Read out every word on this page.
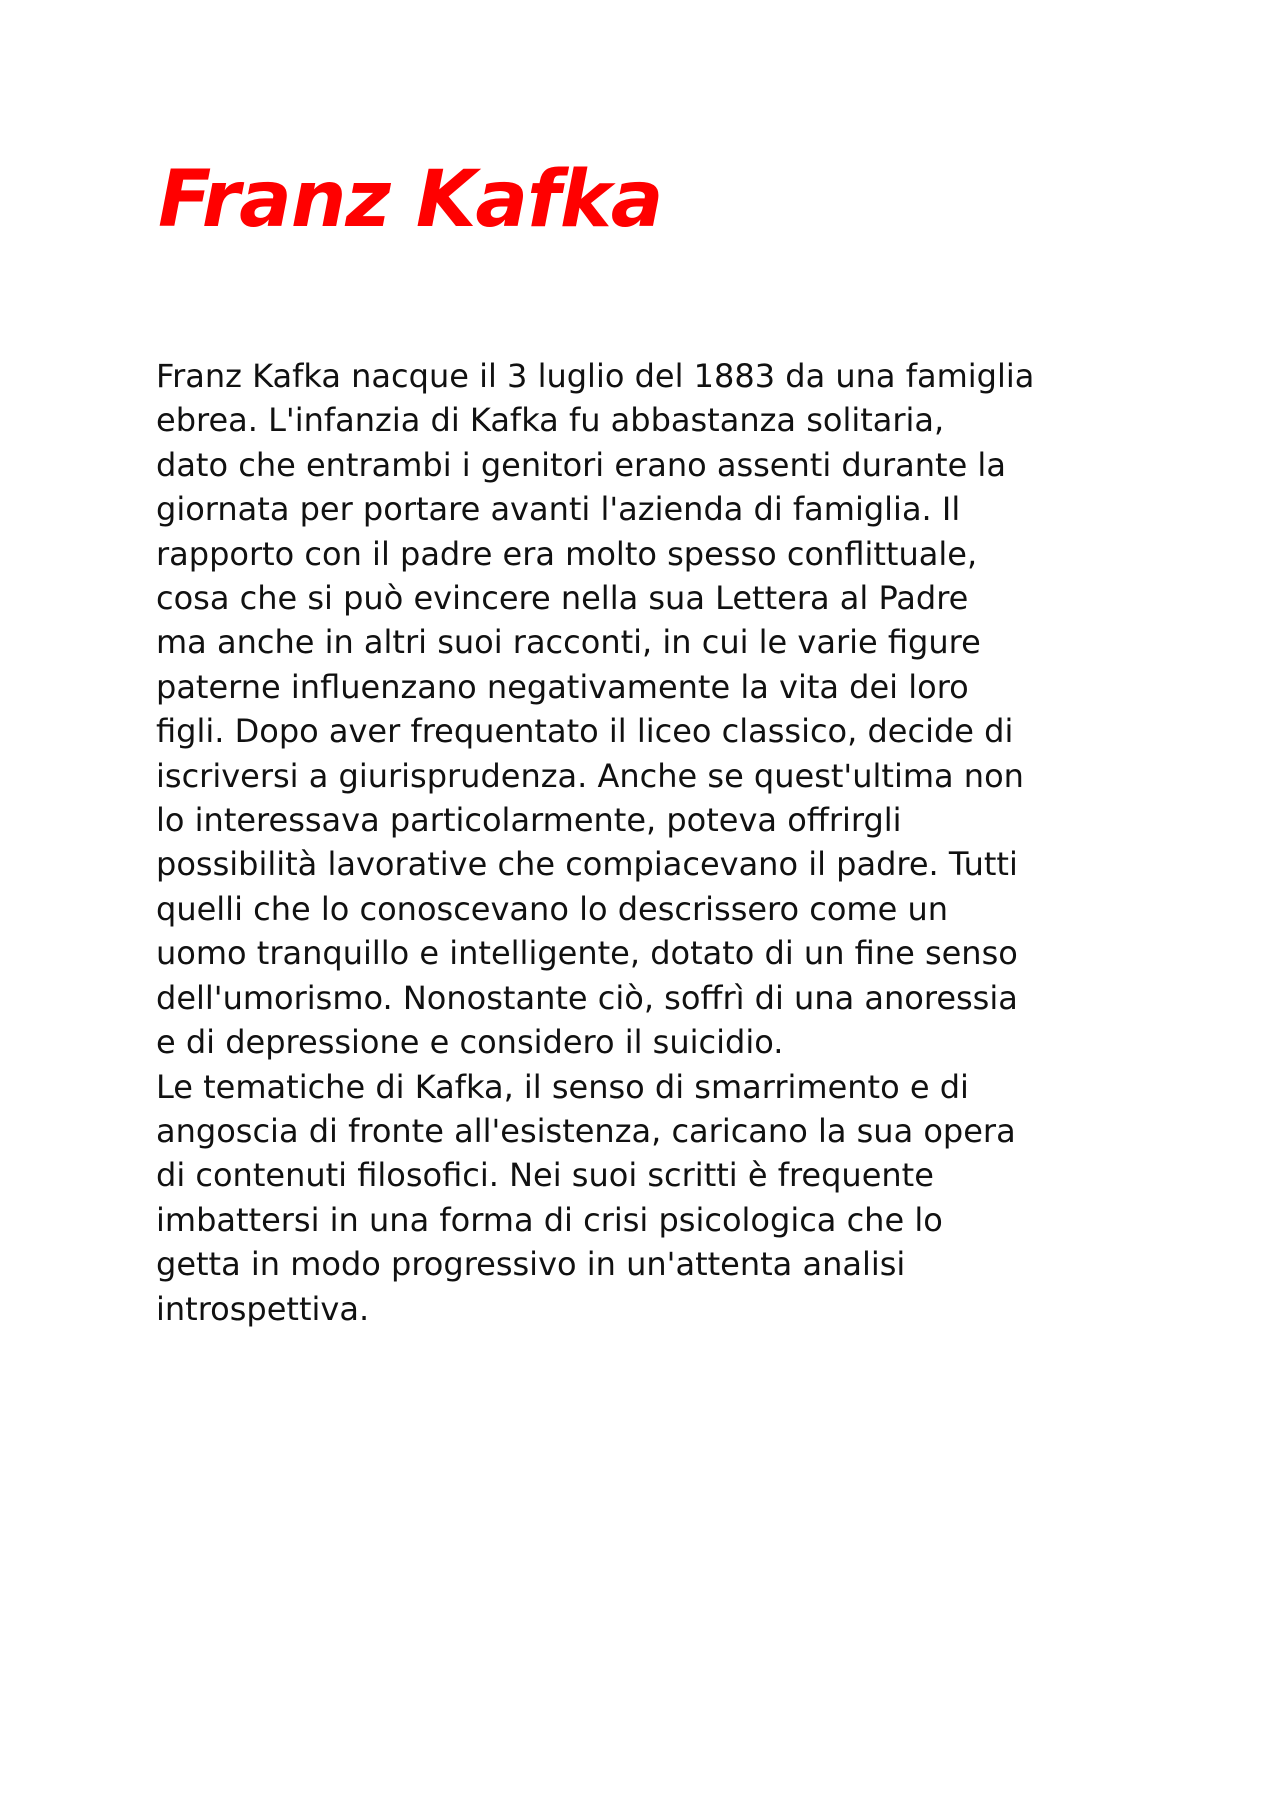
Franz Kafka
Franz Kafka nacque il 3 luglio del 1883 da una famiglia
ebrea. L'infanzia di Kafka fu abbastanza solitaria,
dato che entrambi i genitori erano assenti durante la
giornata per portare avanti l'azienda di famiglia. Il
rapporto con il padre era molto spesso conflittuale,
cosa che si può evincere nella sua Lettera al Padre
ma anche in altri suoi racconti, in cui le varie figure
paterne influenzano negativamente la vita dei loro
figli. Dopo aver frequentato il liceo classico, decide di
iscriversi a giurisprudenza. Anche se quest'ultima non
lo interessava particolarmente, poteva offrirgli
possibilità lavorative che compiacevano il padre. Tutti
quelli che lo conoscevano lo descrissero come un
uomo tranquillo e intelligente, dotato di un fine senso
dell'umorismo. Nonostante ciò, soffrì di una anoressia
e di depressione e considero il suicidio.
Le tematiche di Kafka, il senso di smarrimento e di
angoscia di fronte all'esistenza, caricano la sua opera
di contenuti filosofici. Nei suoi scritti è frequente
imbattersi in una forma di crisi psicologica che lo
getta in modo progressivo in un'attenta analisi
introspettiva.
